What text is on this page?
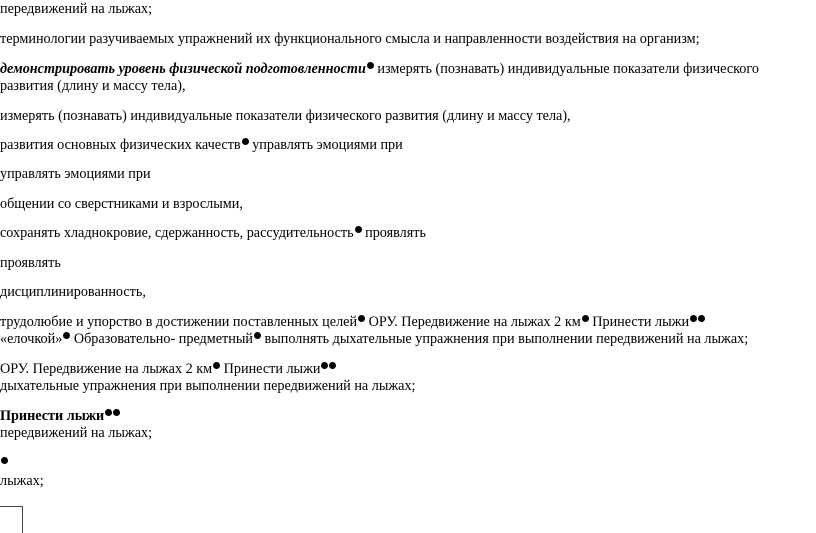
передвижений на лыжах;
терминологии разучиваемых упражнений их функционального смысла и направленности воздействия на организм;
демонстрировать уровень физической подготовленности измерять (познавать) индивидуальные показатели физического
развития (длину и массу тела),
измерять (познавать) индивидуальные показатели физического развития (длину и массу тела),
развития основных физических качеств управлять эмоциями при
управлять эмоциями при
общении со сверстниками и взрослыми,
сохранять хладнокровие, сдержанность, рассудительность проявлять
проявлять
дисциплинированность,
трудолюбие и упорство в достижении поставленных целей ОРУ. Передвижение на лыжах 2 км Принести лыжи
«елочкой» Образовательно- предметный выполнять дыхательные упражнения при выполнении передвижений на лыжах;
ОРУ. Передвижение на лыжах 2 км Принести лыжи
дыхательные упражнения при выполнении передвижений на лыжах;
Принести лыжи
передвижений на лыжах;
лыжах;
